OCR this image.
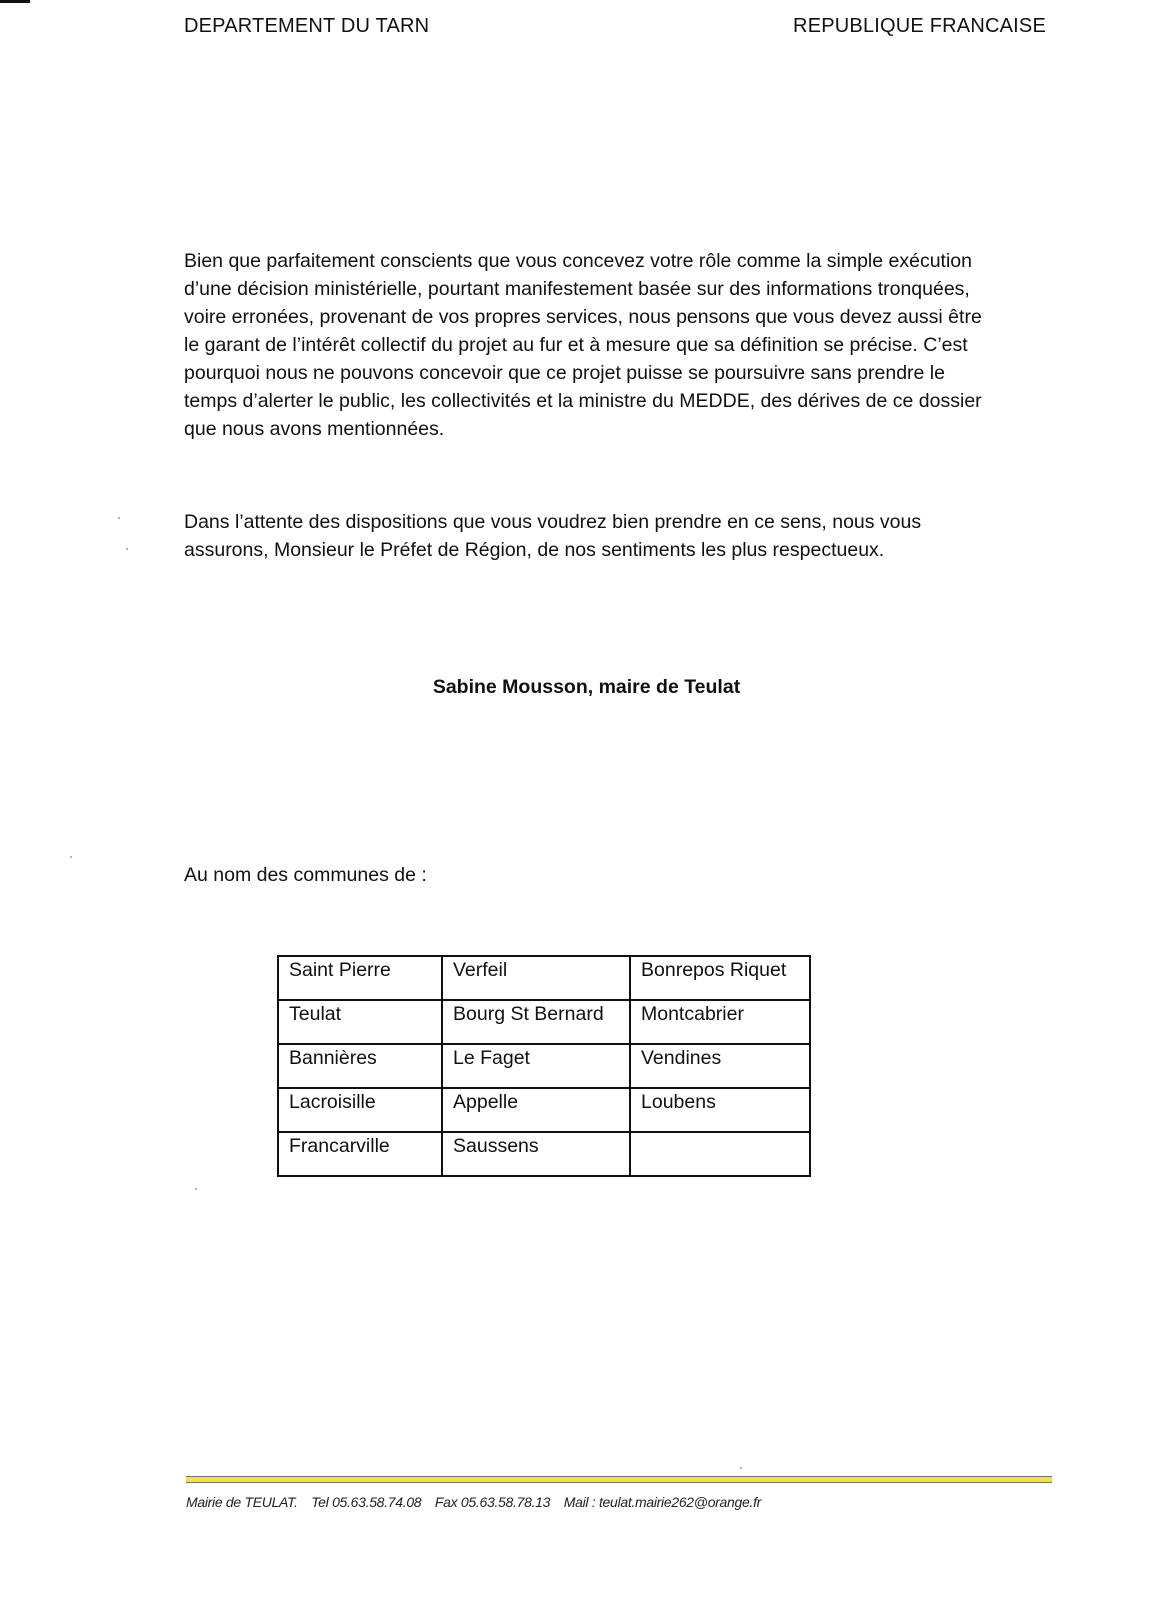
DEPARTEMENT DU TARN	REPUBLIQUE FRANCAISE
Bien que parfaitement conscients que vous concevez votre rôle comme la simple exécution
d’une décision ministérielle, pourtant manifestement basée sur des informations tronquées,
voire erronées, provenant de vos propres services, nous pensons que vous devez aussi être
le garant de l’intérêt collectif du projet au fur et à mesure que sa définition se précise. C’est
pourquoi nous ne pouvons concevoir que ce projet puisse se poursuivre sans prendre le
temps d’alerter le public, les collectivités et la ministre du MEDDE, des dérives de ce dossier
que nous avons mentionnées.
Dans l’attente des dispositions que vous voudrez bien prendre en ce sens, nous vous
assurons, Monsieur le Préfet de Région, de nos sentiments les plus respectueux.
Sabine Mousson, maire de Teulat
Au nom des communes de :
Saint Pierre	Verfeil	Bonrepos Riquet
Teulat	Bourg St Bernard	Montcabrier
Bannières	Le Faget	Vendines
Lacroisille	Appelle	Loubens
Francarville	Saussens	
Mairie de TEULAT. Tel 05.63.58.74.08 Fax 05.63.58.78.13 Mail : teulat.mairie262@orange.fr
